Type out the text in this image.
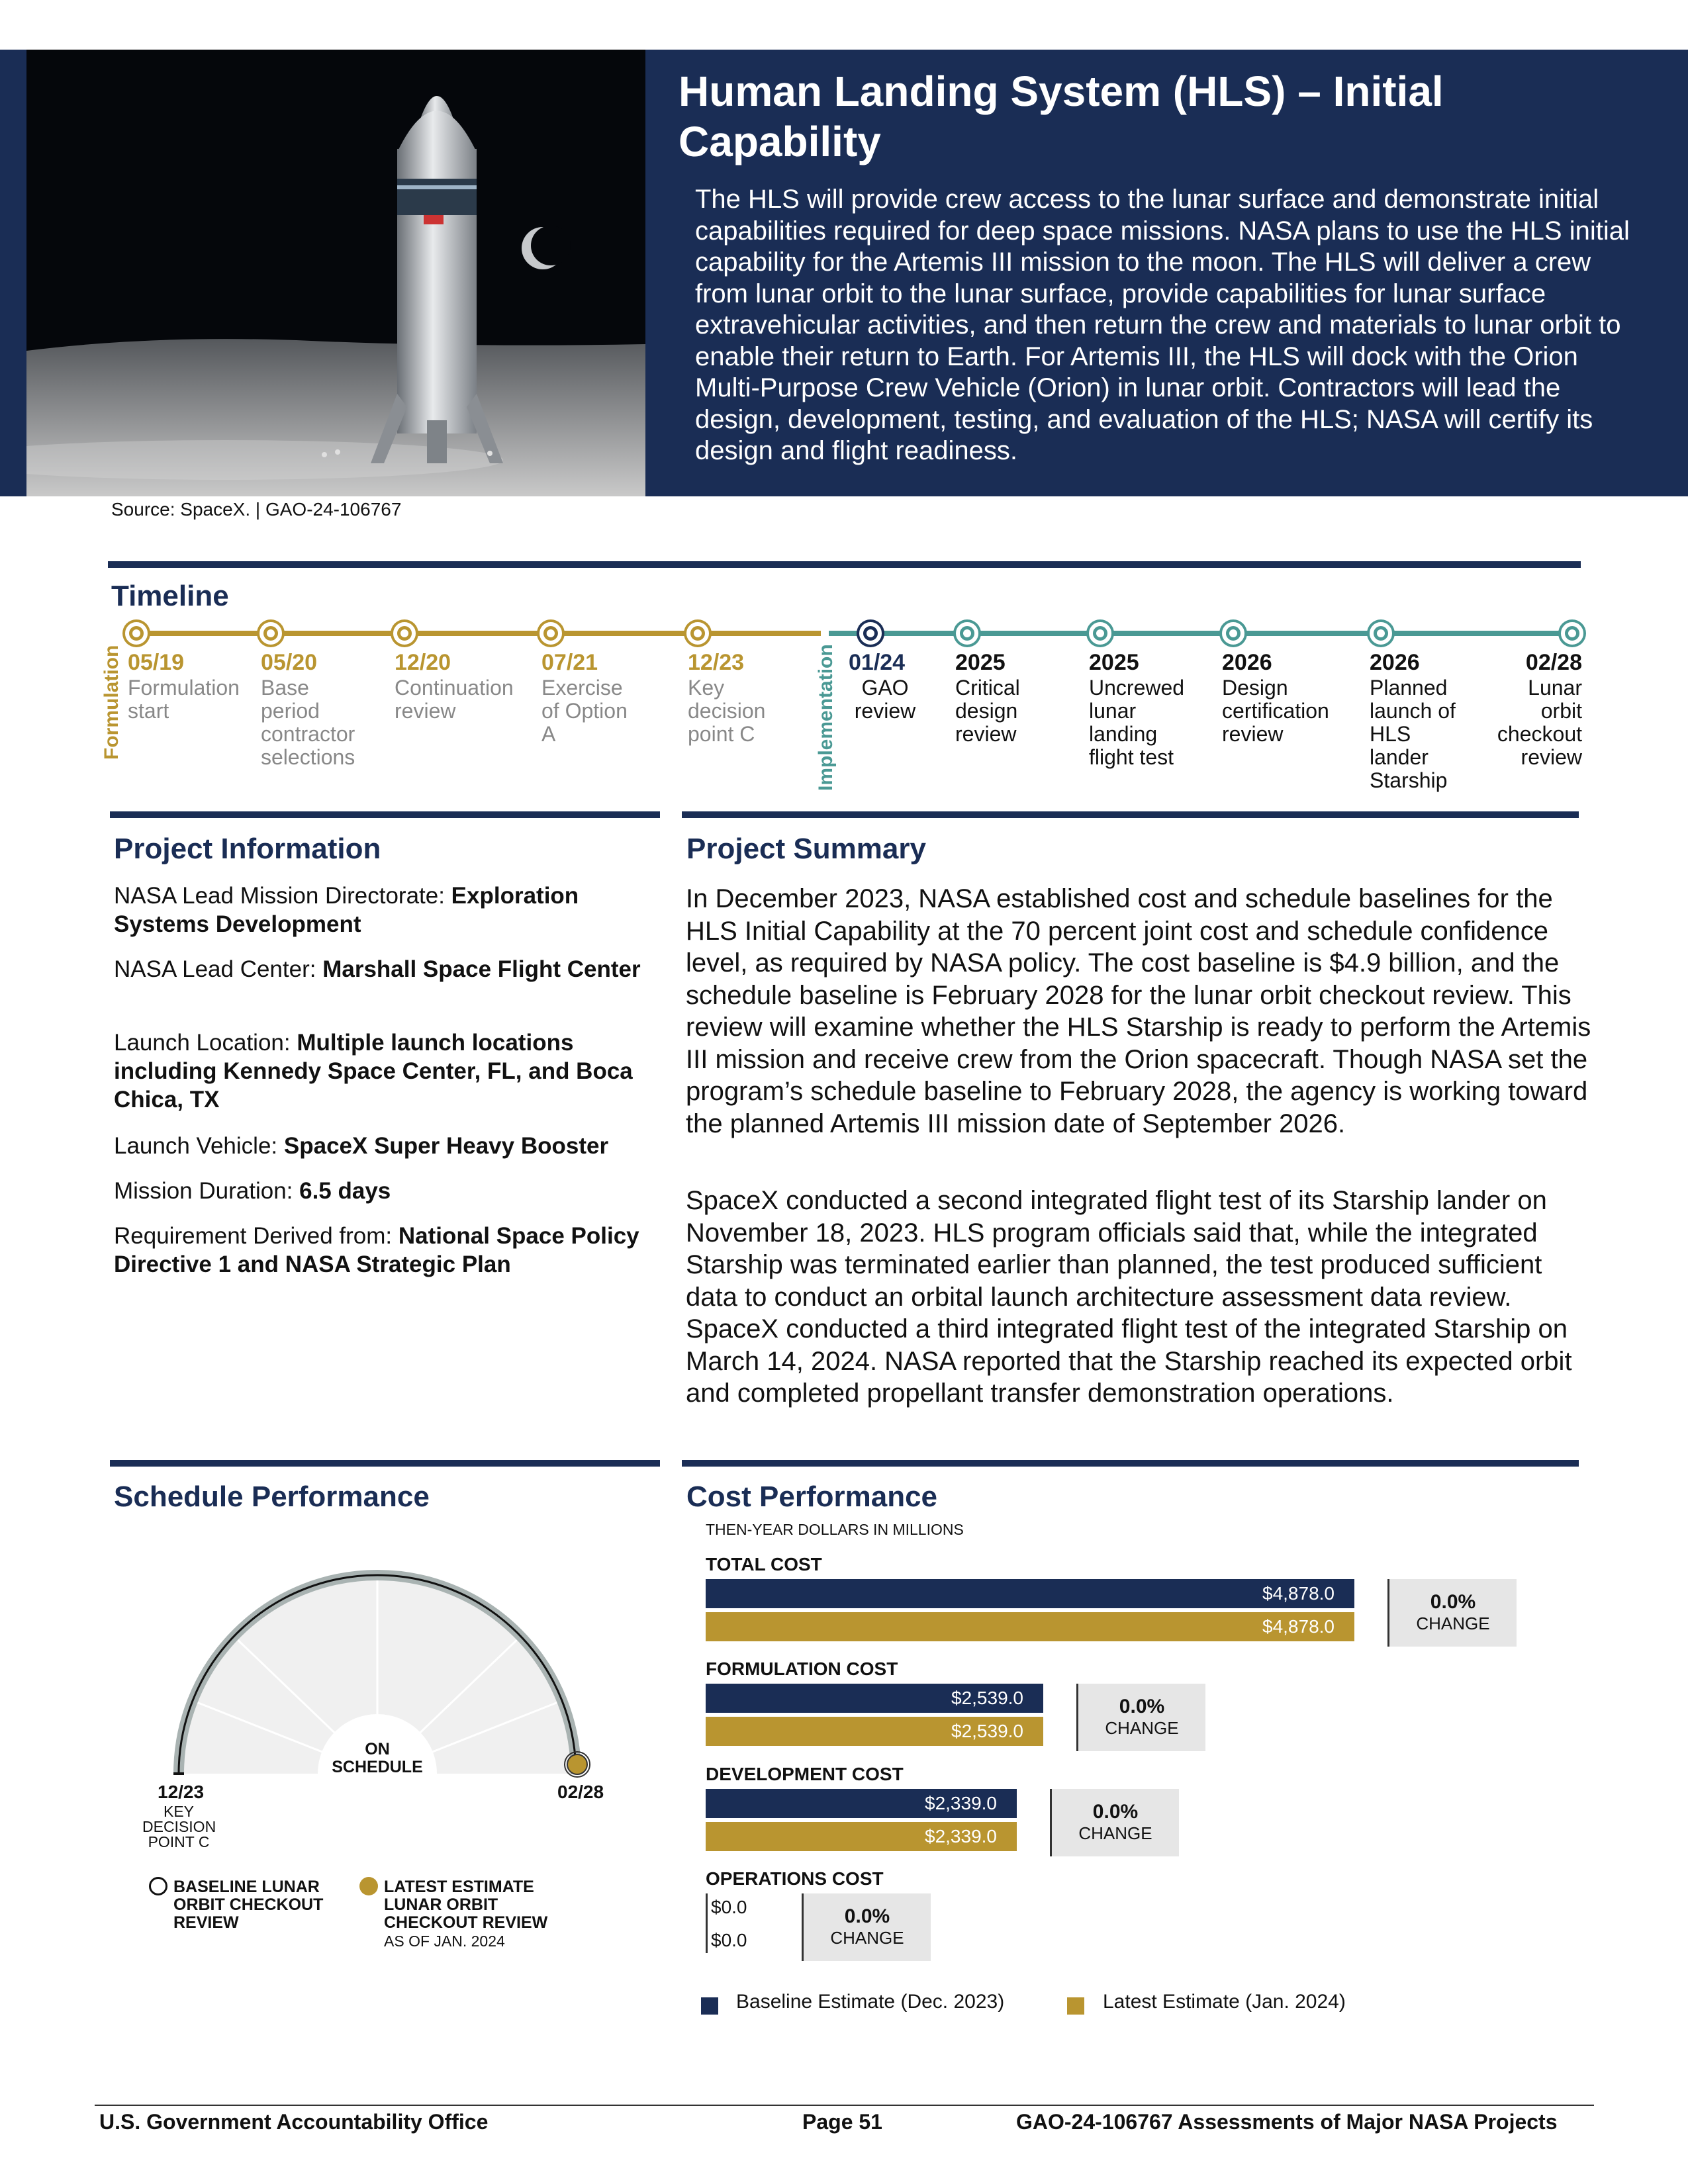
Human Landing System (HLS) – Initial Capability
The HLS will provide crew access to the lunar surface and demonstrate initial capabilities required for deep space missions. NASA plans to use the HLS initial capability for the Artemis III mission to the moon. The HLS will deliver a crew from lunar orbit to the lunar surface, provide capabilities for lunar surface extravehicular activities, and then return the crew and materials to lunar orbit to enable their return to Earth. For Artemis III, the HLS will dock with the Orion Multi-Purpose Crew Vehicle (Orion) in lunar orbit. Contractors will lead the design, development, testing, and evaluation of the HLS; NASA will certify its design and flight readiness.
Source: SpaceX. | GAO-24-106767
Timeline
Formulation	Implementation
05/19
Formulation start
05/20
Base period contractor selections
12/20
Continuation review
07/21
Exercise of Option A
12/23
Key decision point C
01/24
GAO review
2025
Critical design review
2025
Uncrewed lunar landing flight test
2026
Design certification review
2026
Planned launch of HLS lander Starship
02/28
Lunar orbit checkout review
Project Information
NASA Lead Mission Directorate: Exploration Systems Development
NASA Lead Center: Marshall Space Flight Center
Launch Location: Multiple launch locations including Kennedy Space Center, FL, and Boca Chica, TX
Launch Vehicle: SpaceX Super Heavy Booster
Mission Duration: 6.5 days
Requirement Derived from: National Space Policy Directive 1 and NASA Strategic Plan
Project Summary
In December 2023, NASA established cost and schedule baselines for the HLS Initial Capability at the 70 percent joint cost and schedule confidence level, as required by NASA policy. The cost baseline is $4.9 billion, and the schedule baseline is February 2028 for the lunar orbit checkout review. This review will examine whether the HLS Starship is ready to perform the Artemis III mission and receive crew from the Orion spacecraft. Though NASA set the program’s schedule baseline to February 2028, the agency is working toward the planned Artemis III mission date of September 2026.
SpaceX conducted a second integrated flight test of its Starship lander on November 18, 2023. HLS program officials said that, while the integrated Starship was terminated earlier than planned, the test produced sufficient data to conduct an orbital launch architecture assessment data review. SpaceX conducted a third integrated flight test of the integrated Starship on March 14, 2024. NASA reported that the Starship reached its expected orbit and completed propellant transfer demonstration operations.
Schedule Performance
ON SCHEDULE
12/23
KEY DECISION POINT C
02/28
BASELINE LUNAR ORBIT CHECKOUT REVIEW
LATEST ESTIMATE LUNAR ORBIT CHECKOUT REVIEW
AS OF JAN. 2024
Cost Performance
THEN-YEAR DOLLARS IN MILLIONS
TOTAL COST
$4,878.0
$4,878.0
0.0%
CHANGE
FORMULATION COST
$2,539.0
$2,539.0
0.0%
CHANGE
DEVELOPMENT COST
$2,339.0
$2,339.0
0.0%
CHANGE
OPERATIONS COST
$0.0
$0.0
0.0%
CHANGE
Baseline Estimate (Dec. 2023)	Latest Estimate (Jan. 2024)
U.S. Government Accountability Office	Page 51	GAO-24-106767 Assessments of Major NASA Projects
